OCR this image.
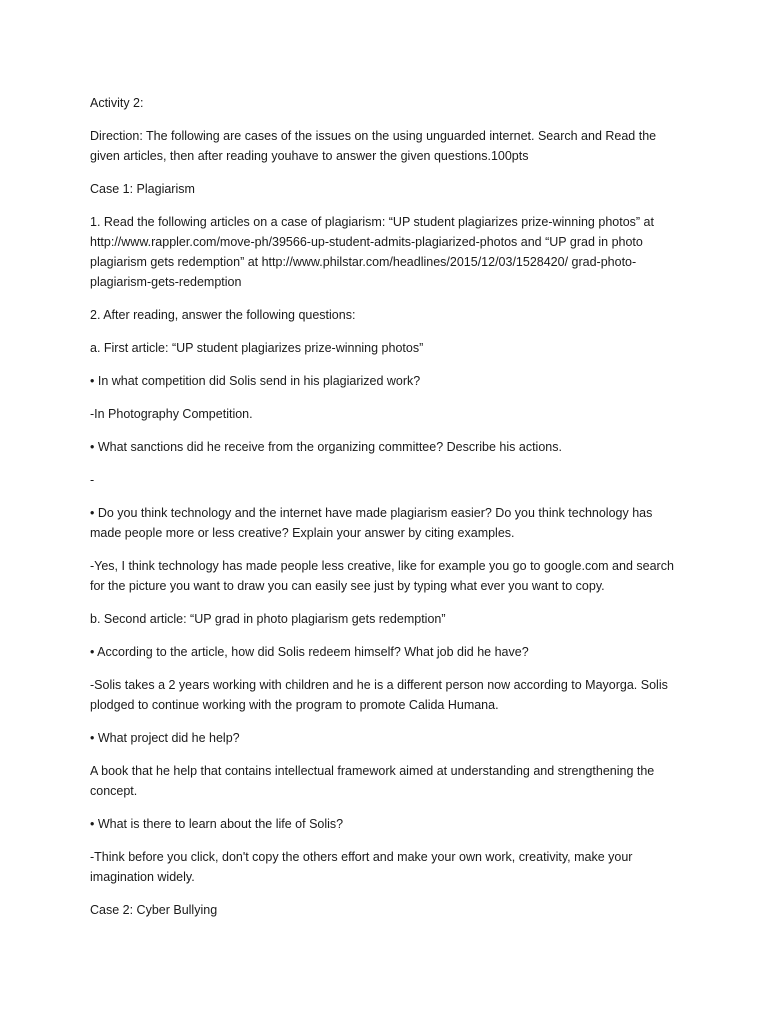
Activity 2:

Direction: The following are cases of the issues on the using unguarded internet. Search and Read the given articles, then after reading youhave to answer the given questions.100pts

Case 1: Plagiarism

1. Read the following articles on a case of plagiarism: “UP student plagiarizes prize-winning photos” at http://www.rappler.com/move-ph/39566-up-student-admits-plagiarized-photos and “UP grad in photo plagiarism gets redemption” at http://www.philstar.com/headlines/2015/12/03/1528420/ grad-photo-plagiarism-gets-redemption

2. After reading, answer the following questions:

a. First article: “UP student plagiarizes prize-winning photos”

• In what competition did Solis send in his plagiarized work?

-In Photography Competition.

• What sanctions did he receive from the organizing committee? Describe his actions.

-

• Do you think technology and the internet have made plagiarism easier? Do you think technology has made people more or less creative? Explain your answer by citing examples.

-Yes, I think technology has made people less creative, like for example you go to google.com and search for the picture you want to draw you can easily see just by typing what ever you want to copy.

b. Second article: “UP grad in photo plagiarism gets redemption”

• According to the article, how did Solis redeem himself? What job did he have?

-Solis takes a 2 years working with children and he is a different person now according to Mayorga. Solis plodged to continue working with the program to promote Calida Humana.

• What project did he help?

A book that he help that contains intellectual framework aimed at understanding and strengthening the concept.

• What is there to learn about the life of Solis?

-Think before you click, don't copy the others effort and make your own work, creativity, make your imagination widely.

Case 2: Cyber Bullying
